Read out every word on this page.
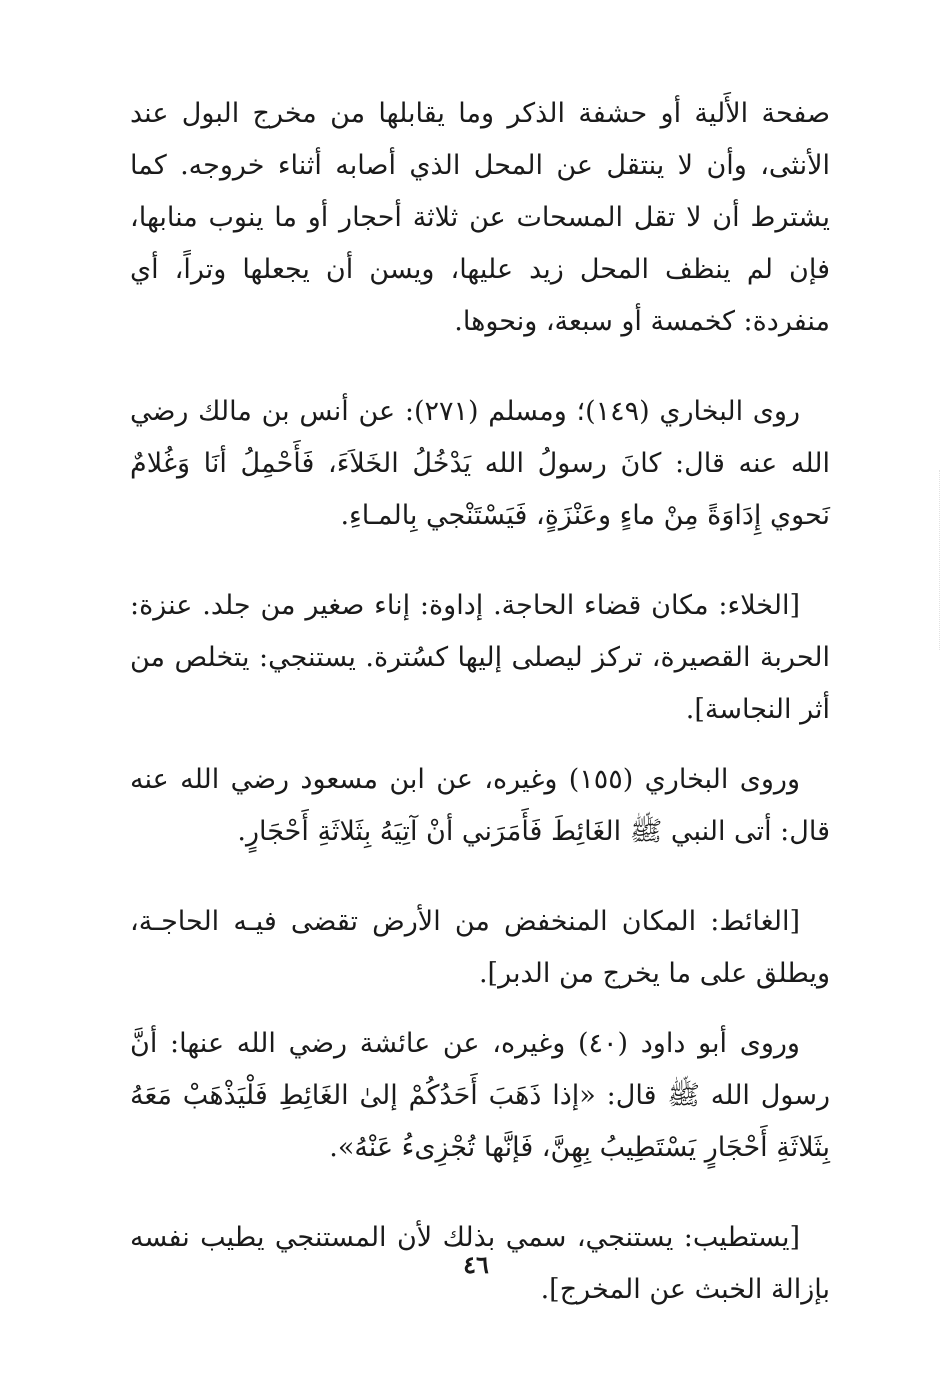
صفحة الأَلية أو حشفة الذكر وما يقابلها من مخرج البول عند الأنثى، وأن لا ينتقل عن المحل الذي أصابه أثناء خروجه. كما يشترط أن لا تقل المسحات عن ثلاثة أحجار أو ما ينوب منابها، فإن لم ينظف المحل زيد عليها، ويسن أن يجعلها وتراً، أي منفردة: كخمسة أو سبعة، ونحوها.

روى البخاري (١٤٩)؛ ومسلم (٢٧١): عن أنس بن مالك رضي الله عنه قال: كانَ رسولُ الله يَدْخُلُ الخَلاَءَ، فَأَحْمِلُ أنَا وَغُلامٌ نَحوي إِدَاوَةً مِنْ ماءٍ وعَنْزَةٍ، فَيَسْتَنْجي بِالمـاءِ.

[الخلاء: مكان قضاء الحاجة. إداوة: إناء صغير من جلد. عنزة: الحربة القصيرة، تركز ليصلى إليها كسُترة. يستنجي: يتخلص من أثر النجاسة].

وروى البخاري (١٥٥) وغيره، عن ابن مسعود رضي الله عنه قال: أتى النبي ﷺ الغَائِطَ فَأَمَرَني أنْ آتِيَهُ بِثَلاثَةِ أَحْجَارٍ.

[الغائط: المكان المنخفض من الأرض تقضى فيـه الحاجـة، ويطلق على ما يخرج من الدبر].

وروى أبو داود (٤٠) وغيره، عن عائشة رضي الله عنها: أنَّ رسول الله ﷺ قال: «إذا ذَهَبَ أَحَدُكُمْ إلىٰ الغَائِطِ فَلْيَذْهَبْ مَعَهُ بِثَلاثَةِ أَحْجَارٍ يَسْتَطِيبُ بِهِنَّ، فَإنَّها تُجْزِىءُ عَنْهُ».

[يستطيب: يستنجي، سمي بذلك لأن المستنجي يطيب نفسه بإزالة الخبث عن المخرج].

٤٦
